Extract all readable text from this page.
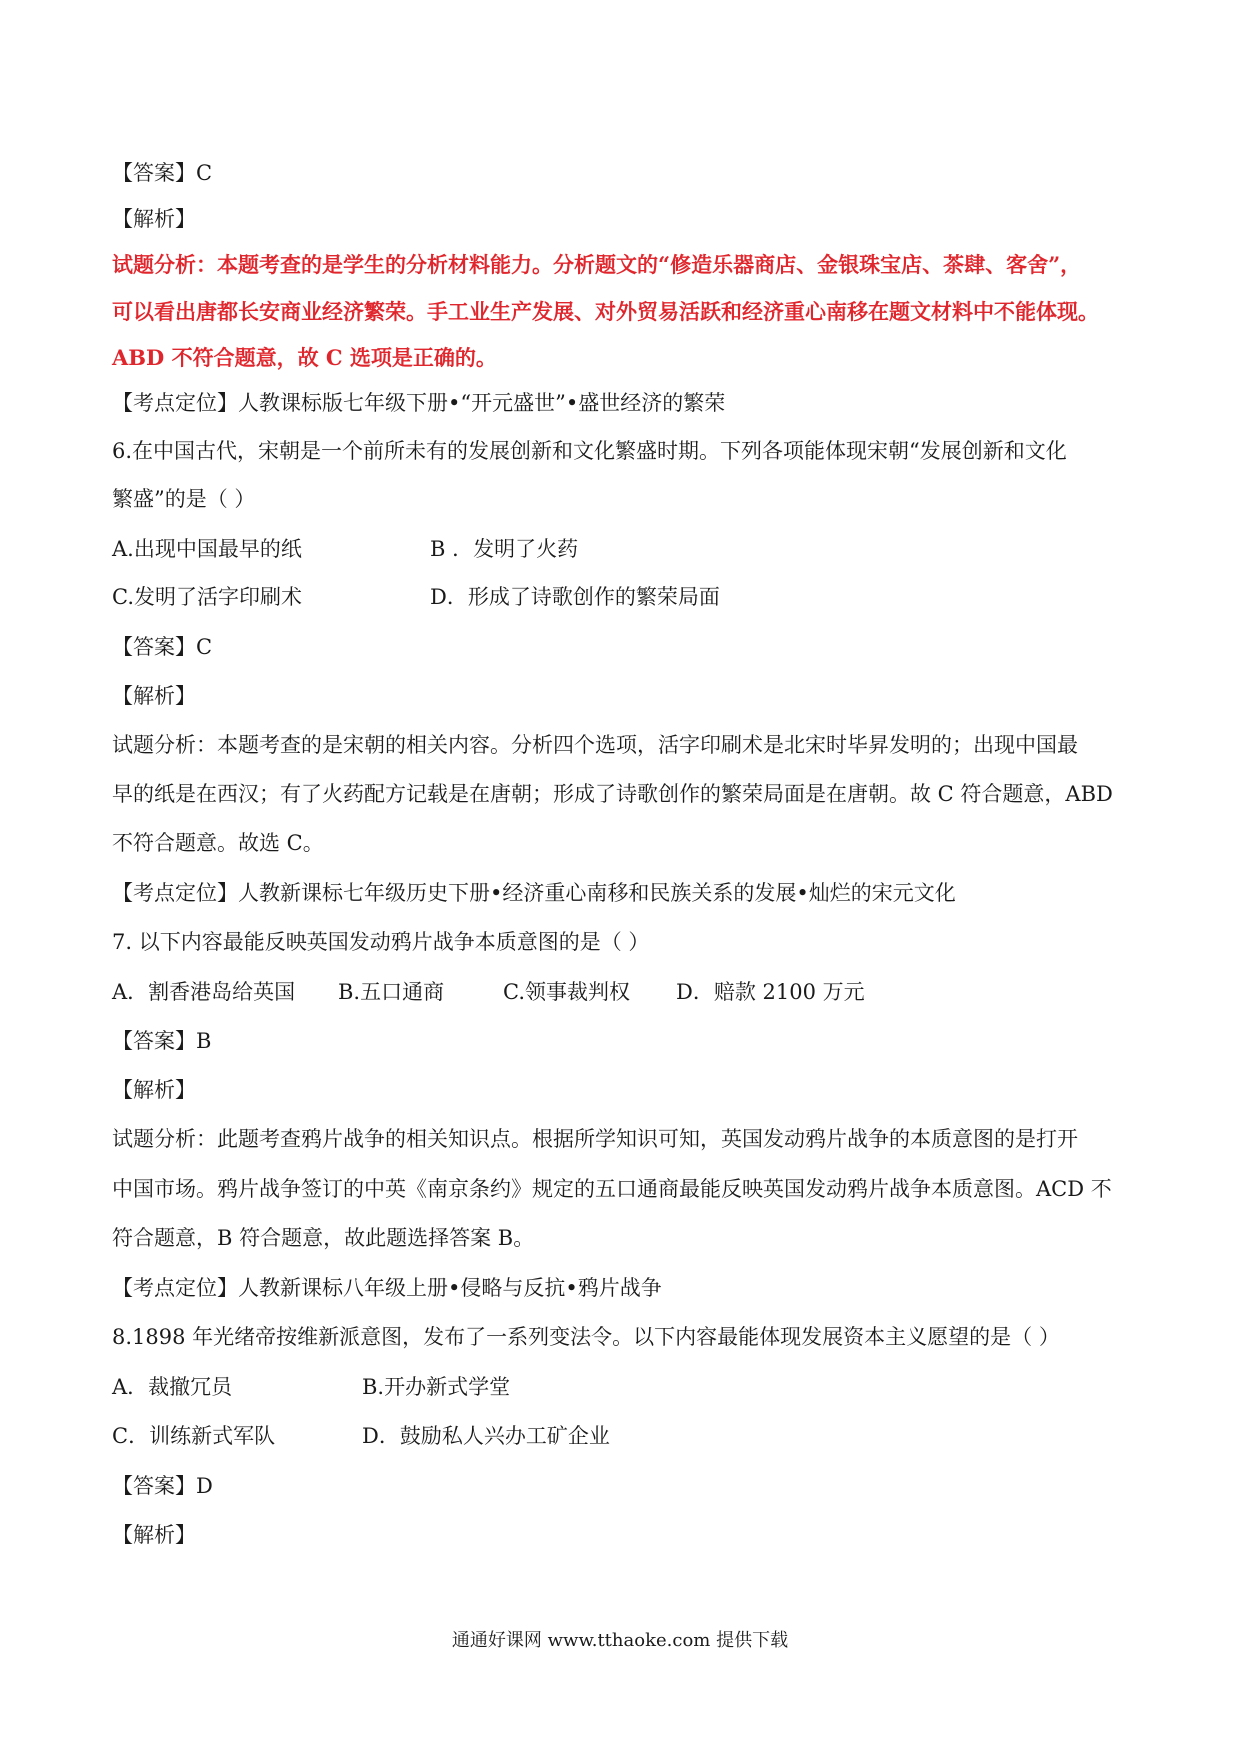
【答案】C
【解析】
试题分析：本题考查的是学生的分析材料能力。分析题文的“修造乐器商店、金银珠宝店、茶肆、客舍”，
可以看出唐都长安商业经济繁荣。手工业生产发展、对外贸易活跃和经济重心南移在题文材料中不能体现。
ABD 不符合题意，故 C 选项是正确的。
【考点定位】人教课标版七年级下册•“开元盛世”•盛世经济的繁荣
6.在中国古代，宋朝是一个前所未有的发展创新和文化繁盛时期。下列各项能体现宋朝“发展创新和文化
繁盛”的是（ ）
A.出现中国最早的纸	B ．发明了火药
C.发明了活字印刷术	D．形成了诗歌创作的繁荣局面
【答案】C
【解析】
试题分析：本题考查的是宋朝的相关内容。分析四个选项，活字印刷术是北宋时毕昇发明的；出现中国最
早的纸是在西汉；有了火药配方记载是在唐朝；形成了诗歌创作的繁荣局面是在唐朝。故 C 符合题意，ABD
不符合题意。故选 C。
【考点定位】人教新课标七年级历史下册•经济重心南移和民族关系的发展•灿烂的宋元文化
7. 以下内容最能反映英国发动鸦片战争本质意图的是（ ）
A．割香港岛给英国 B.五口通商	C.领事裁判权 D．赔款 2100 万元
【答案】B
【解析】
试题分析：此题考查鸦片战争的相关知识点。根据所学知识可知，英国发动鸦片战争的本质意图的是打开
中国市场。鸦片战争签订的中英《南京条约》规定的五口通商最能反映英国发动鸦片战争本质意图。ACD 不
符合题意，B 符合题意，故此题选择答案 B。
【考点定位】人教新课标八年级上册•侵略与反抗•鸦片战争
8.1898 年光绪帝按维新派意图，发布了一系列变法令。以下内容最能体现发展资本主义愿望的是（ ）
A．裁撤冗员	B.开办新式学堂
C．训练新式军队	D．鼓励私人兴办工矿企业
【答案】D
【解析】
通通好课网 www.tthaoke.com 提供下载
